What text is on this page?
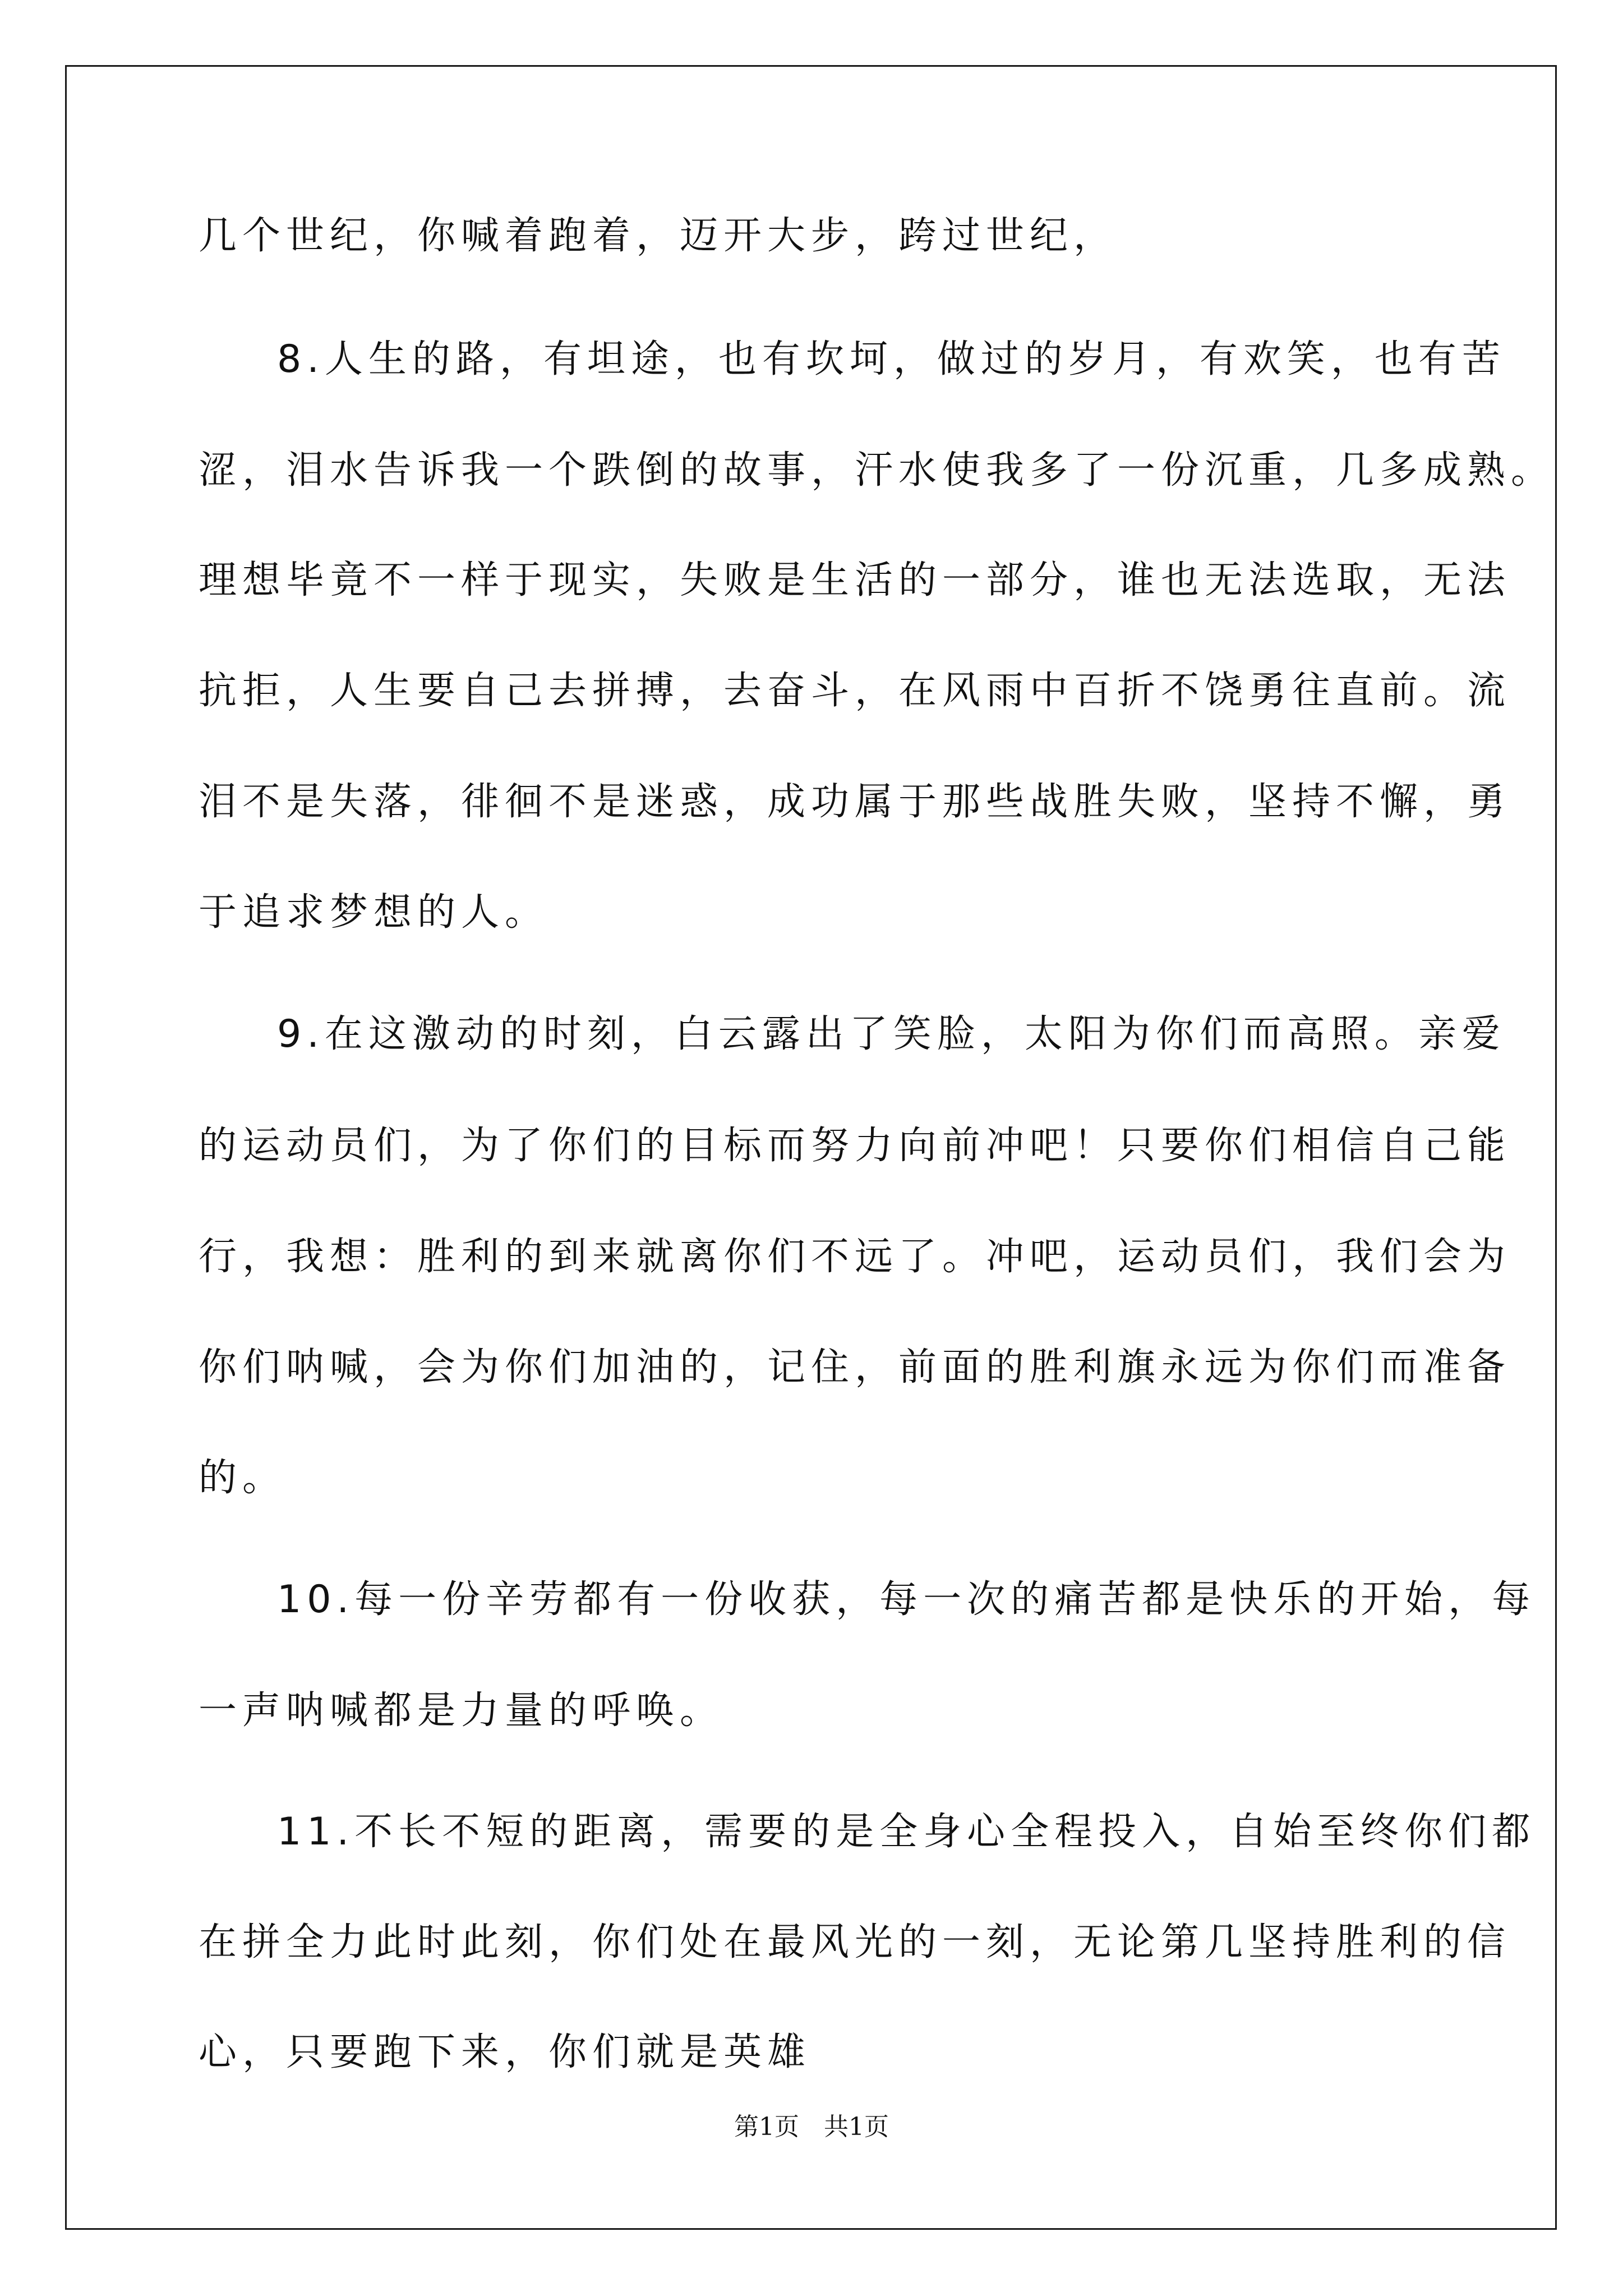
几个世纪，你喊着跑着，迈开大步，跨过世纪，
8.人生的路，有坦途，也有坎坷，做过的岁月，有欢笑，也有苦
涩，泪水告诉我一个跌倒的故事，汗水使我多了一份沉重，几多成熟。
理想毕竟不一样于现实，失败是生活的一部分，谁也无法选取，无法
抗拒，人生要自己去拼搏，去奋斗，在风雨中百折不饶勇往直前。流
泪不是失落，徘徊不是迷惑，成功属于那些战胜失败，坚持不懈，勇
于追求梦想的人。
9.在这激动的时刻，白云露出了笑脸，太阳为你们而高照。亲爱
的运动员们，为了你们的目标而努力向前冲吧！只要你们相信自己能
行，我想：胜利的到来就离你们不远了。冲吧，运动员们，我们会为
你们呐喊，会为你们加油的，记住，前面的胜利旗永远为你们而准备
的。
10.每一份辛劳都有一份收获，每一次的痛苦都是快乐的开始，每
一声呐喊都是力量的呼唤。
11.不长不短的距离，需要的是全身心全程投入，自始至终你们都
在拼全力此时此刻，你们处在最风光的一刻，无论第几坚持胜利的信
心，只要跑下来，你们就是英雄
第1页　共1页
